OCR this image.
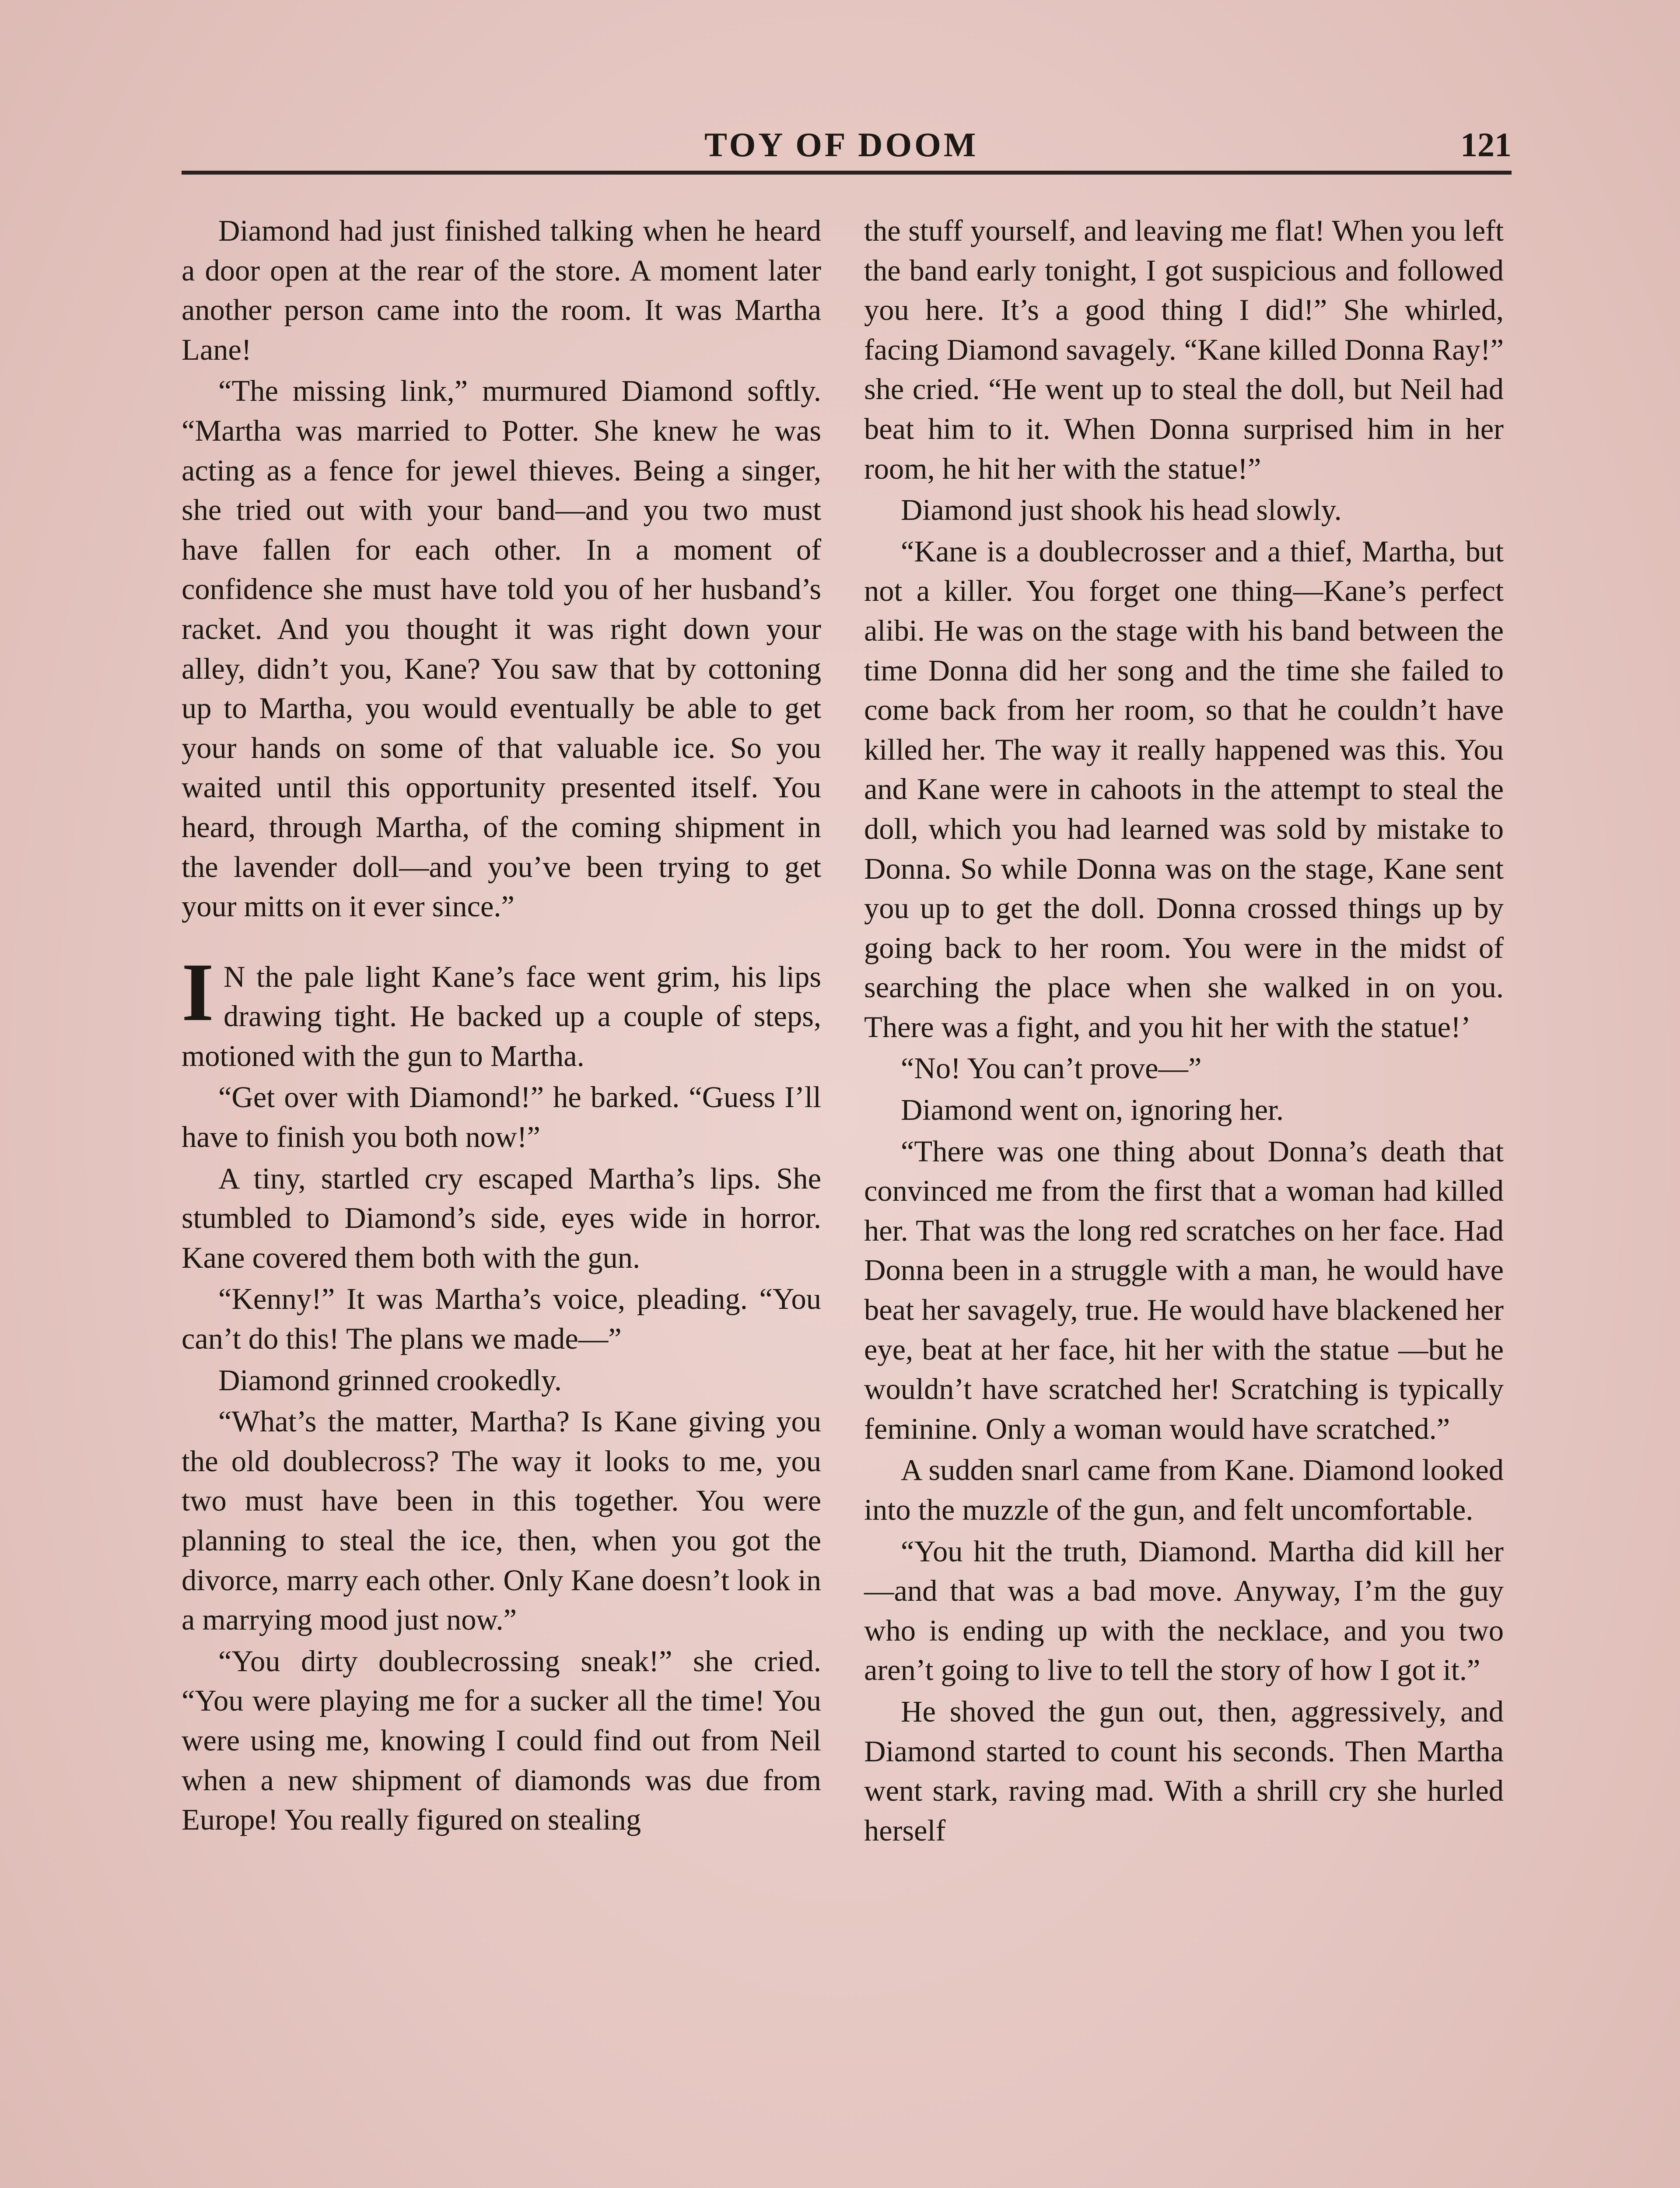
TOY OF DOOM	121

Diamond had just finished talking when he heard a door open at the rear of the store. A moment later another person came into the room. It was Martha Lane!

“The missing link,” murmured Diamond softly. “Martha was married to Potter. She knew he was acting as a fence for jewel thieves. Being a singer, she tried out with your band—and you two must have fallen for each other. In a moment of confidence she must have told you of her husband’s racket. And you thought it was right down your alley, didn’t you, Kane? You saw that by cottoning up to Martha, you would eventually be able to get your hands on some of that valuable ice. So you waited until this opportunity presented itself. You heard, through Martha, of the coming shipment in the lavender doll—and you’ve been trying to get your mitts on it ever since.”

I N the pale light Kane’s face went grim, his lips drawing tight. He backed up a couple of steps, motioned with the gun to Martha.

“Get over with Diamond!” he barked. “Guess I’ll have to finish you both now!”

A tiny, startled cry escaped Martha’s lips. She stumbled to Diamond’s side, eyes wide in horror. Kane covered them both with the gun.

“Kenny!” It was Martha’s voice, pleading. “You can’t do this! The plans we made—”

Diamond grinned crookedly.

“What’s the matter, Martha? Is Kane giving you the old doublecross? The way it looks to me, you two must have been in this together. You were planning to steal the ice, then, when you got the divorce, marry each other. Only Kane doesn’t look in a marrying mood just now.”

“You dirty doublecrossing sneak!” she cried. “You were playing me for a sucker all the time! You were using me, knowing I could find out from Neil when a new shipment of diamonds was due from Europe! You really figured on stealing

the stuff yourself, and leaving me flat! When you left the band early tonight, I got suspicious and followed you here. It’s a good thing I did!” She whirled, facing Diamond savagely. “Kane killed Donna Ray!” she cried. “He went up to steal the doll, but Neil had beat him to it. When Donna surprised him in her room, he hit her with the statue!”

Diamond just shook his head slowly.

“Kane is a doublecrosser and a thief, Martha, but not a killer. You forget one thing—Kane’s perfect alibi. He was on the stage with his band between the time Donna did her song and the time she failed to come back from her room, so that he couldn’t have killed her. The way it really happened was this. You and Kane were in cahoots in the attempt to steal the doll, which you had learned was sold by mistake to Donna. So while Donna was on the stage, Kane sent you up to get the doll. Donna crossed things up by going back to her room. You were in the midst of searching the place when she walked in on you. There was a fight, and you hit her with the statue!’

“No! You can’t prove—”

Diamond went on, ignoring her.

“There was one thing about Donna’s death that convinced me from the first that a woman had killed her. That was the long red scratches on her face. Had Donna been in a struggle with a man, he would have beat her savagely, true. He would have blackened her eye, beat at her face, hit her with the statue —but he wouldn’t have scratched her! Scratching is typically feminine. Only a woman would have scratched.”

A sudden snarl came from Kane. Diamond looked into the muzzle of the gun, and felt uncomfortable.

“You hit the truth, Diamond. Martha did kill her—and that was a bad move. Anyway, I’m the guy who is ending up with the necklace, and you two aren’t going to live to tell the story of how I got it.”

He shoved the gun out, then, aggressively, and Diamond started to count his seconds. Then Martha went stark, raving mad. With a shrill cry she hurled herself
